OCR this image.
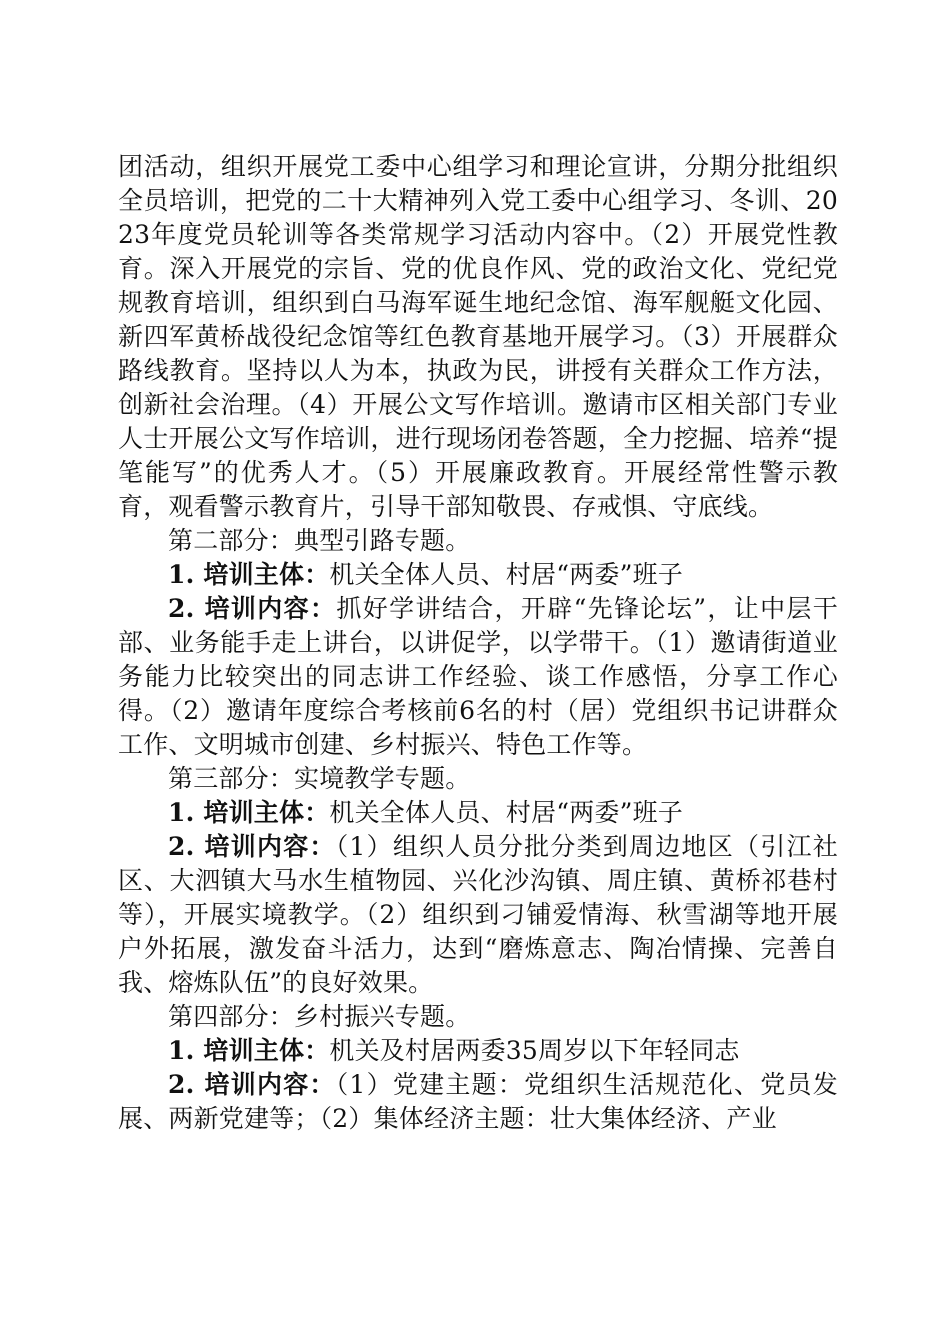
团活动，组织开展党工委中心组学习和理论宣讲，分期分批组织全员培训，把党的二十大精神列入党工委中心组学习、冬训、2023年度党员轮训等各类常规学习活动内容中。（2）开展党性教育。深入开展党的宗旨、党的优良作风、党的政治文化、党纪党规教育培训，组织到白马海军诞生地纪念馆、海军舰艇文化园、新四军黄桥战役纪念馆等红色教育基地开展学习。（3）开展群众路线教育。坚持以人为本，执政为民，讲授有关群众工作方法，创新社会治理。（4）开展公文写作培训。邀请市区相关部门专业人士开展公文写作培训，进行现场闭卷答题，全力挖掘、培养“提笔能写”的优秀人才。（5）开展廉政教育。开展经常性警示教育，观看警示教育片，引导干部知敬畏、存戒惧、守底线。

第二部分：典型引路专题。

1. 培训主体：机关全体人员、村居“两委”班子

2. 培训内容：抓好学讲结合，开辟“先锋论坛”，让中层干部、业务能手走上讲台，以讲促学，以学带干。（1）邀请街道业务能力比较突出的同志讲工作经验、谈工作感悟，分享工作心得。（2）邀请年度综合考核前6名的村（居）党组织书记讲群众工作、文明城市创建、乡村振兴、特色工作等。

第三部分：实境教学专题。

1. 培训主体：机关全体人员、村居“两委”班子

2. 培训内容：（1）组织人员分批分类到周边地区（引江社区、大泗镇大马水生植物园、兴化沙沟镇、周庄镇、黄桥祁巷村等），开展实境教学。（2）组织到刁铺爱情海、秋雪湖等地开展户外拓展，激发奋斗活力，达到“磨炼意志、陶冶情操、完善自我、熔炼队伍”的良好效果。

第四部分：乡村振兴专题。

1. 培训主体：机关及村居两委35周岁以下年轻同志

2. 培训内容：（1）党建主题：党组织生活规范化、党员发展、两新党建等；（2）集体经济主题：壮大集体经济、产业
